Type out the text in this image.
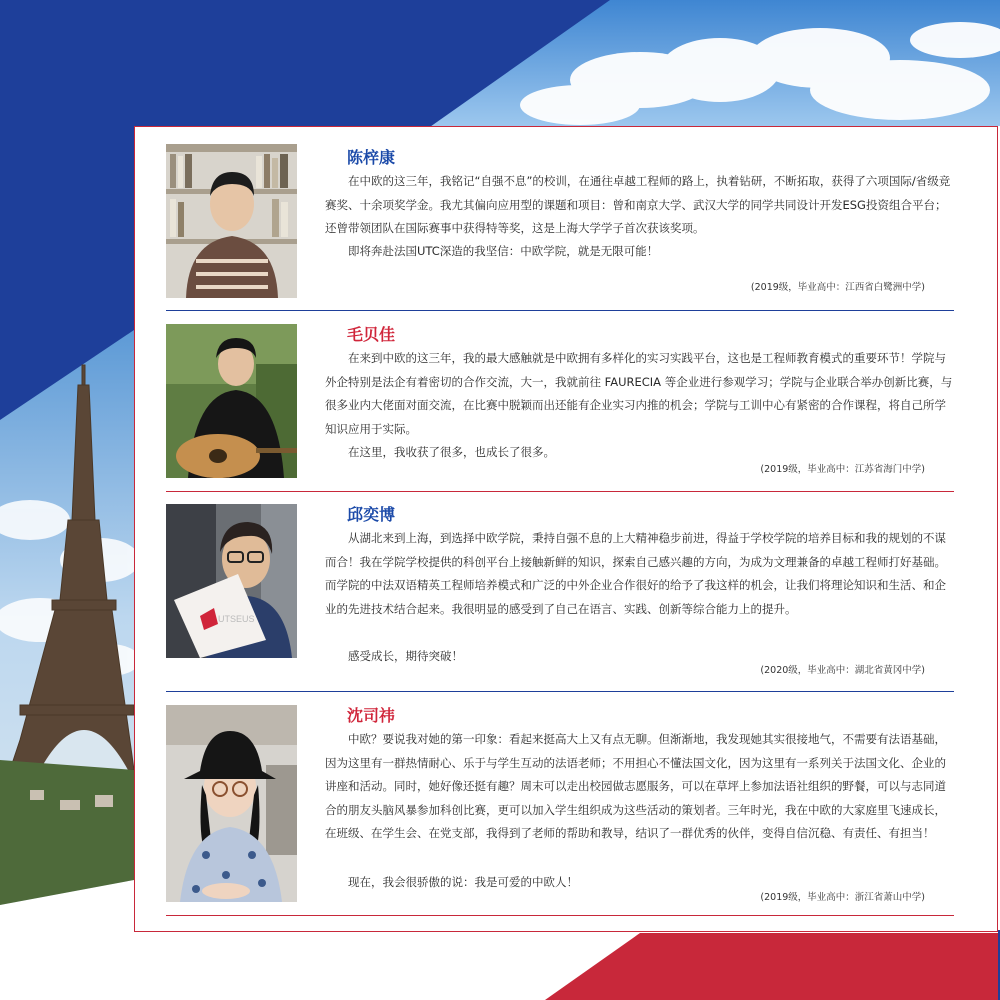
陈梓康

在中欧的这三年，我铭记“自强不息”的校训，在通往卓越工程师的路上，执着钻研，不断拓取，获得了六项国际/省级竞赛奖、十余项奖学金。我尤其偏向应用型的课题和项目：曾和南京大学、武汉大学的同学共同设计开发ESG投资组合平台；还曾带领团队在国际赛事中获得特等奖，这是上海大学学子首次获该奖项。

即将奔赴法国UTC深造的我坚信：中欧学院，就是无限可能！

(2019级，毕业高中：江西省白鹭洲中学)
毛贝佳

在来到中欧的这三年，我的最大感触就是中欧拥有多样化的实习实践平台，这也是工程师教育模式的重要环节！学院与外企特别是法企有着密切的合作交流，大一，我就前往 FAURECIA 等企业进行参观学习；学院与企业联合举办创新比赛，与很多业内大佬面对面交流，在比赛中脱颖而出还能有企业实习内推的机会；学院与工训中心有紧密的合作课程，将自己所学知识应用于实际。

在这里，我收获了很多，也成长了很多。

(2019级，毕业高中：江苏省海门中学)
UTSEUS
邱奕博

从湖北来到上海，到选择中欧学院，秉持自强不息的上大精神稳步前进，得益于学校学院的培养目标和我的规划的不谋而合！我在学院学校提供的科创平台上接触新鲜的知识，探索自己感兴趣的方向，为成为文理兼备的卓越工程师打好基础。而学院的中法双语精英工程师培养模式和广泛的中外企业合作很好的给予了我这样的机会，让我们将理论知识和生活、和企业的先进技术结合起来。我很明显的感受到了自己在语言、实践、创新等综合能力上的提升。

感受成长，期待突破！

(2020级，毕业高中：湖北省黄冈中学)
沈司祎

中欧？要说我对她的第一印象：看起来挺高大上又有点无聊。但渐渐地，我发现她其实很接地气，不需要有法语基础，因为这里有一群热情耐心、乐于与学生互动的法语老师；不用担心不懂法国文化，因为这里有一系列关于法国文化、企业的讲座和活动。同时，她好像还挺有趣？周末可以走出校园做志愿服务，可以在草坪上参加法语社组织的野餐，可以与志同道合的朋友头脑风暴参加科创比赛，更可以加入学生组织成为这些活动的策划者。三年时光，我在中欧的大家庭里飞速成长，在班级、在学生会、在党支部，我得到了老师的帮助和教导，结识了一群优秀的伙伴，变得自信沉稳、有责任、有担当！

现在，我会很骄傲的说：我是可爱的中欧人！

(2019级，毕业高中：浙江省萧山中学)
